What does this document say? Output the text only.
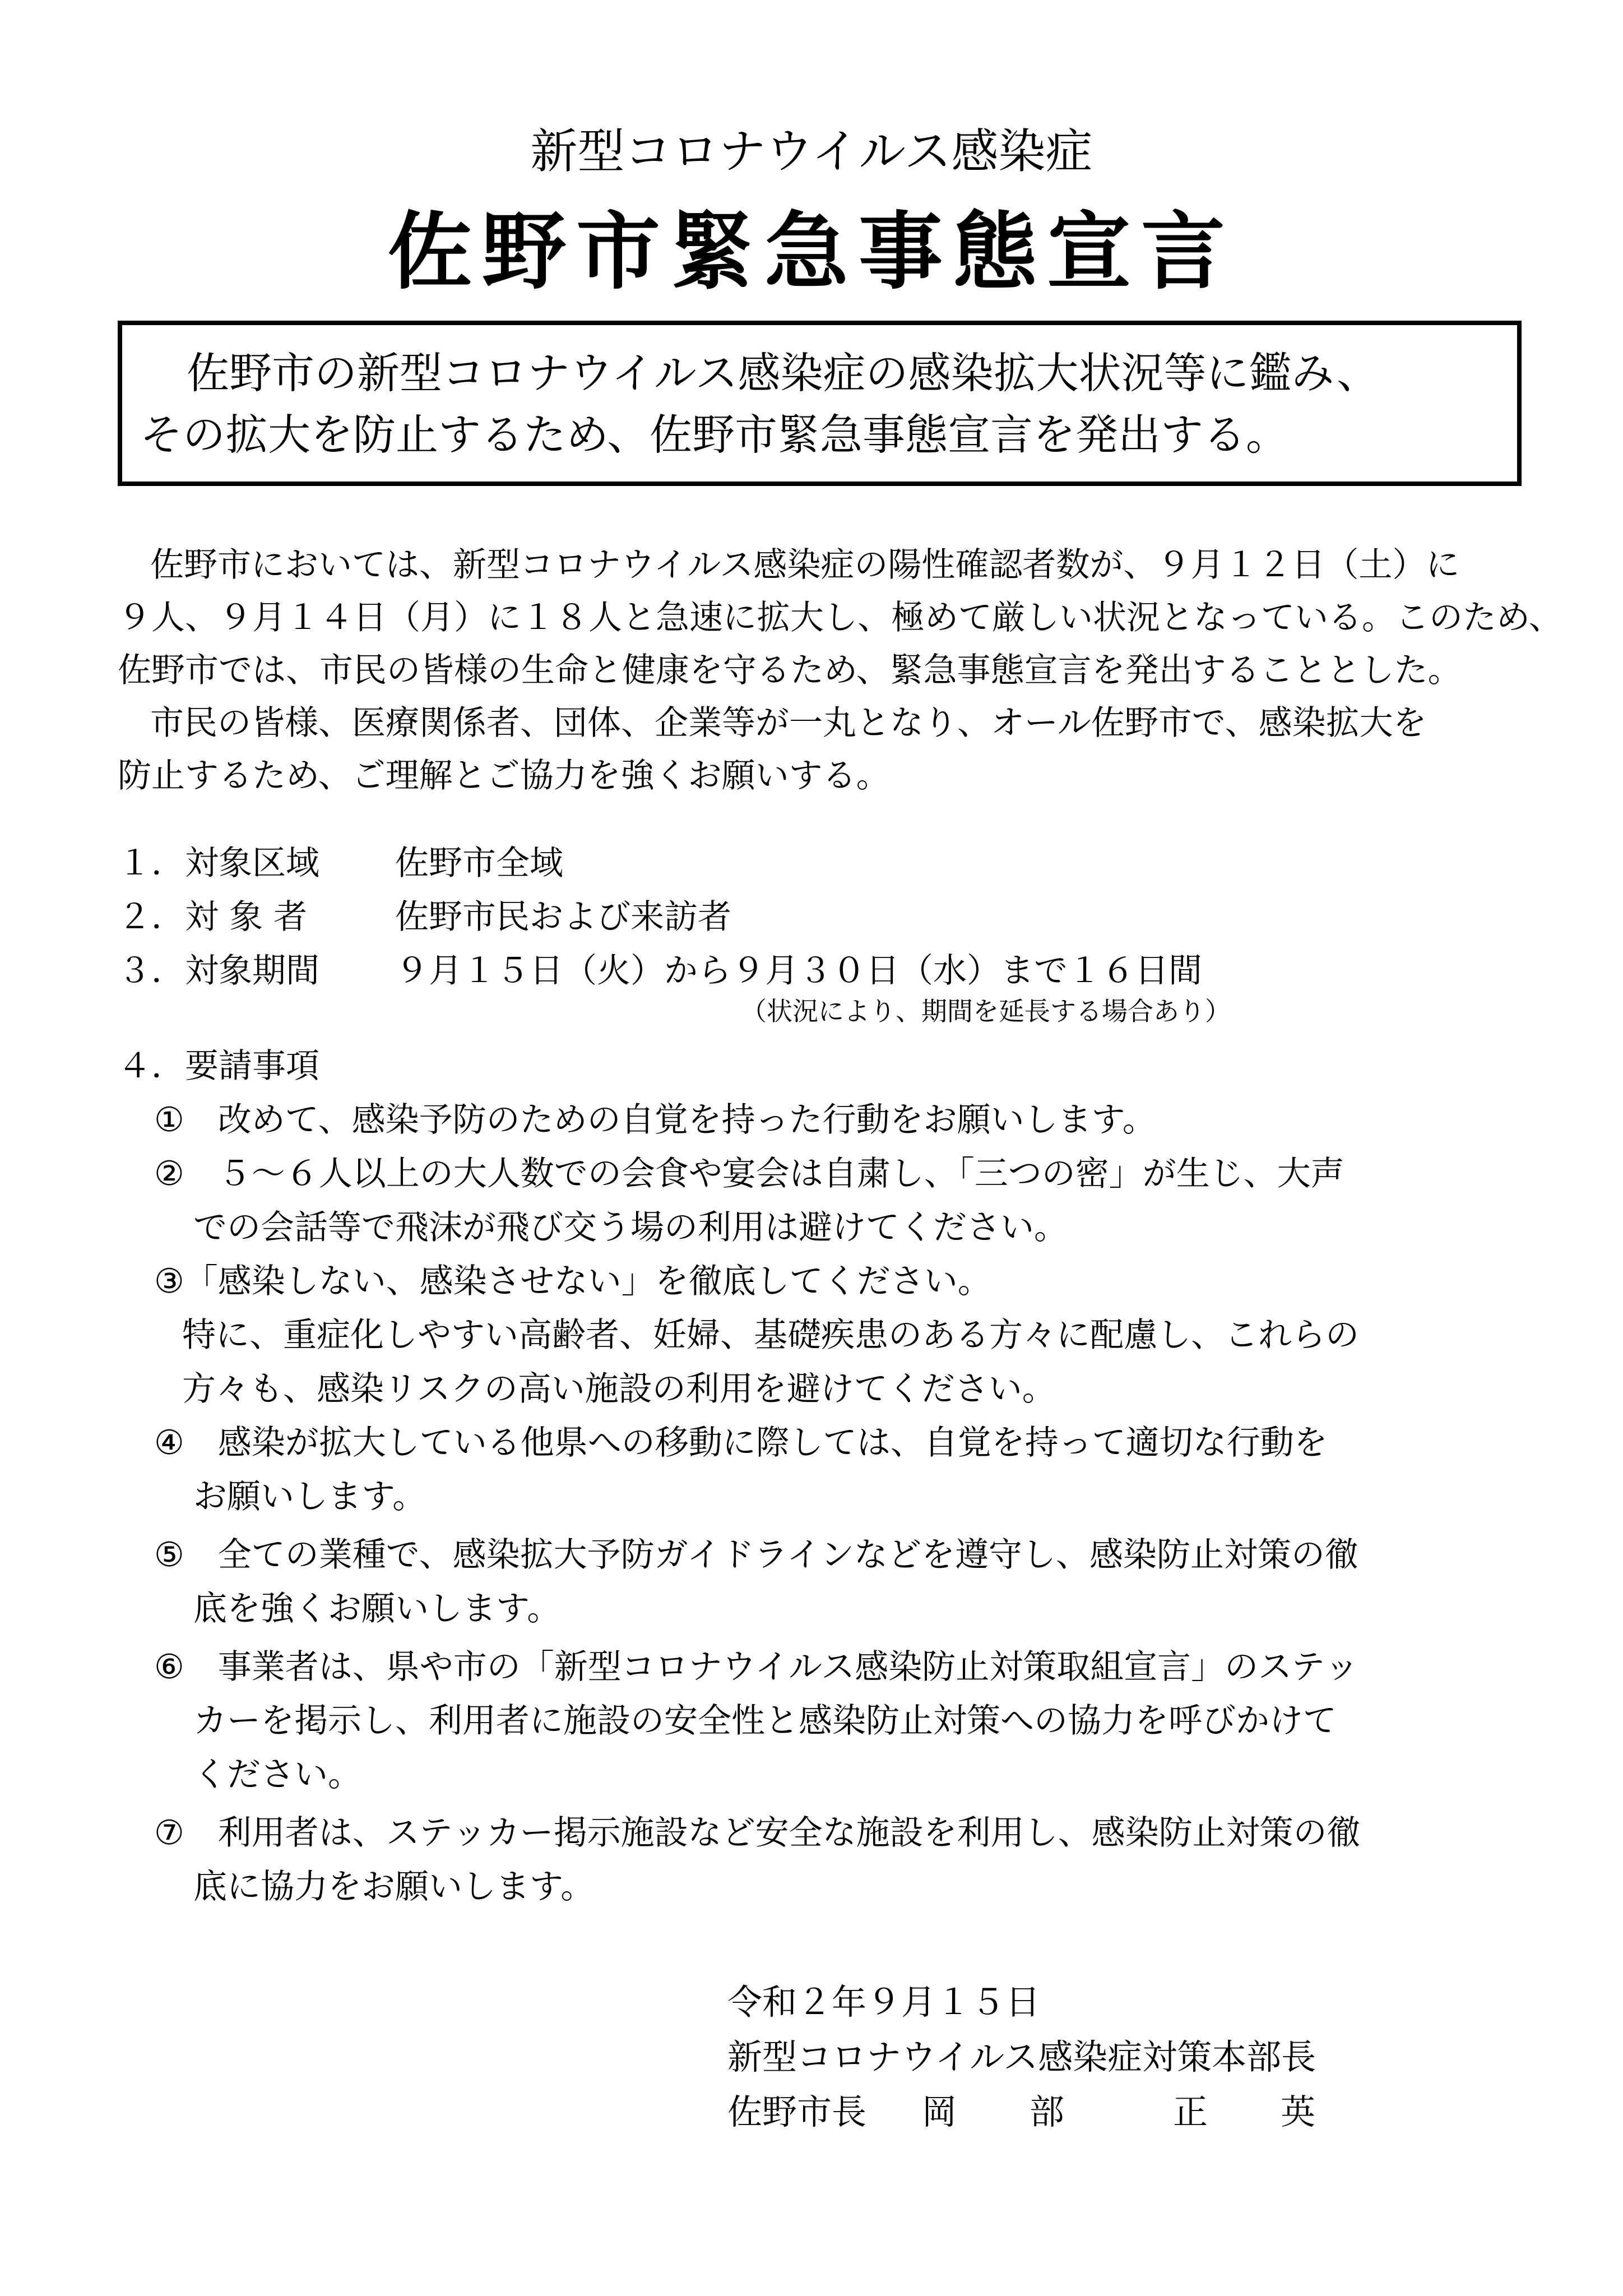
新型コロナウイルス感染症
佐野市緊急事態宣言
佐野市の新型コロナウイルス感染症の感染拡大状況等に鑑み、
その拡大を防止するため、佐野市緊急事態宣言を発出する。
佐野市においては、新型コロナウイルス感染症の陽性確認者数が、９月１２日（土）に
９人、９月１４日（月）に１８人と急速に拡大し、極めて厳しい状況となっている。このため、
佐野市では、市民の皆様の生命と健康を守るため、緊急事態宣言を発出することとした。
市民の皆様、医療関係者、団体、企業等が一丸となり、オール佐野市で、感染拡大を
防止するため、ご理解とご協力を強くお願いする。
１．対象区域 佐野市全域
２．対 象 者	佐野市民および来訪者
３．対象期間 ９月１５日（火）から９月３０日（水）まで１６日間
（状況により、期間を延長する場合あり）
４．要請事項
①　改めて、感染予防のための自覚を持った行動をお願いします。
②　５～６人以上の大人数での会食や宴会は自粛し、「三つの密」が生じ、大声
での会話等で飛沫が飛び交う場の利用は避けてください。
③「感染しない、感染させない」を徹底してください。
特に、重症化しやすい高齢者、妊婦、基礎疾患のある方々に配慮し、これらの
方々も、感染リスクの高い施設の利用を避けてください。
④　感染が拡大している他県への移動に際しては、自覚を持って適切な行動を
お願いします。
⑤　全ての業種で、感染拡大予防ガイドラインなどを遵守し、感染防止対策の徹
底を強くお願いします。
⑥　事業者は、県や市の「新型コロナウイルス感染防止対策取組宣言」のステッ
カーを掲示し、利用者に施設の安全性と感染防止対策への協力を呼びかけて
ください。
⑦　利用者は、ステッカー掲示施設など安全な施設を利用し、感染防止対策の徹
底に協力をお願いします。
令和２年９月１５日
新型コロナウイルス感染症対策本部長
佐野市長 岡　　部　　　正　　英
